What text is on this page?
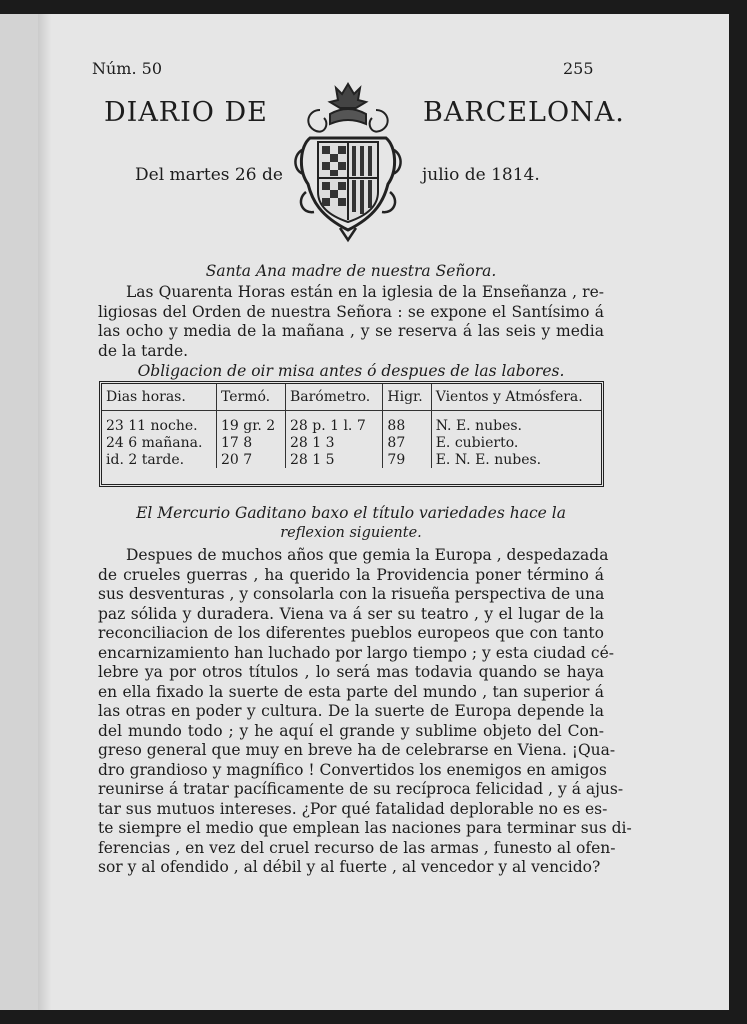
Núm. 50	255
DIARIO DE	BARCELONA.
Del martes 26 de	julio de 1814.
Santa Ana madre de nuestra Señora.
Las Quarenta Horas están en la iglesia de la Enseñanza , re-
ligiosas del Orden de nuestra Señora : se expone el Santísimo á
las ocho y media de la mañana , y se reserva á las seis y media
de la tarde.
Obligacion de oir misa antes ó despues de las labores.
Dias horas.	Termó.	Barómetro.	Higr.	Vientos y Atmósfera.
23 11 noche.	19 gr. 2	28 p. 1 l. 7	88	N. E. nubes.
24 6 mañana.	17 8	28 1 3	87	E. cubierto.
id. 2 tarde.	20 7	28 1 5	79	E. N. E. nubes.
El Mercurio Gaditano baxo el título variedades hace la
reflexion siguiente.
Despues de muchos años que gemia la Europa , despedazada
de crueles guerras , ha querido la Providencia poner término á
sus desventuras , y consolarla con la risueña perspectiva de una
paz sólida y duradera. Viena va á ser su teatro , y el lugar de la
reconciliacion de los diferentes pueblos europeos que con tanto
encarnizamiento han luchado por largo tiempo ; y esta ciudad cé-
lebre ya por otros títulos , lo será mas todavia quando se haya
en ella fixado la suerte de esta parte del mundo , tan superior á
las otras en poder y cultura. De la suerte de Europa depende la
del mundo todo ; y he aquí el grande y sublime objeto del Con-
greso general que muy en breve ha de celebrarse en Viena. ¡Qua-
dro grandioso y magnífico ! Convertidos los enemigos en amigos
reunirse á tratar pacíficamente de su recíproca felicidad , y á ajus-
tar sus mutuos intereses. ¿Por qué fatalidad deplorable no es es-
te siempre el medio que emplean las naciones para terminar sus di-
ferencias , en vez del cruel recurso de las armas , funesto al ofen-
sor y al ofendido , al débil y al fuerte , al vencedor y al vencido?
